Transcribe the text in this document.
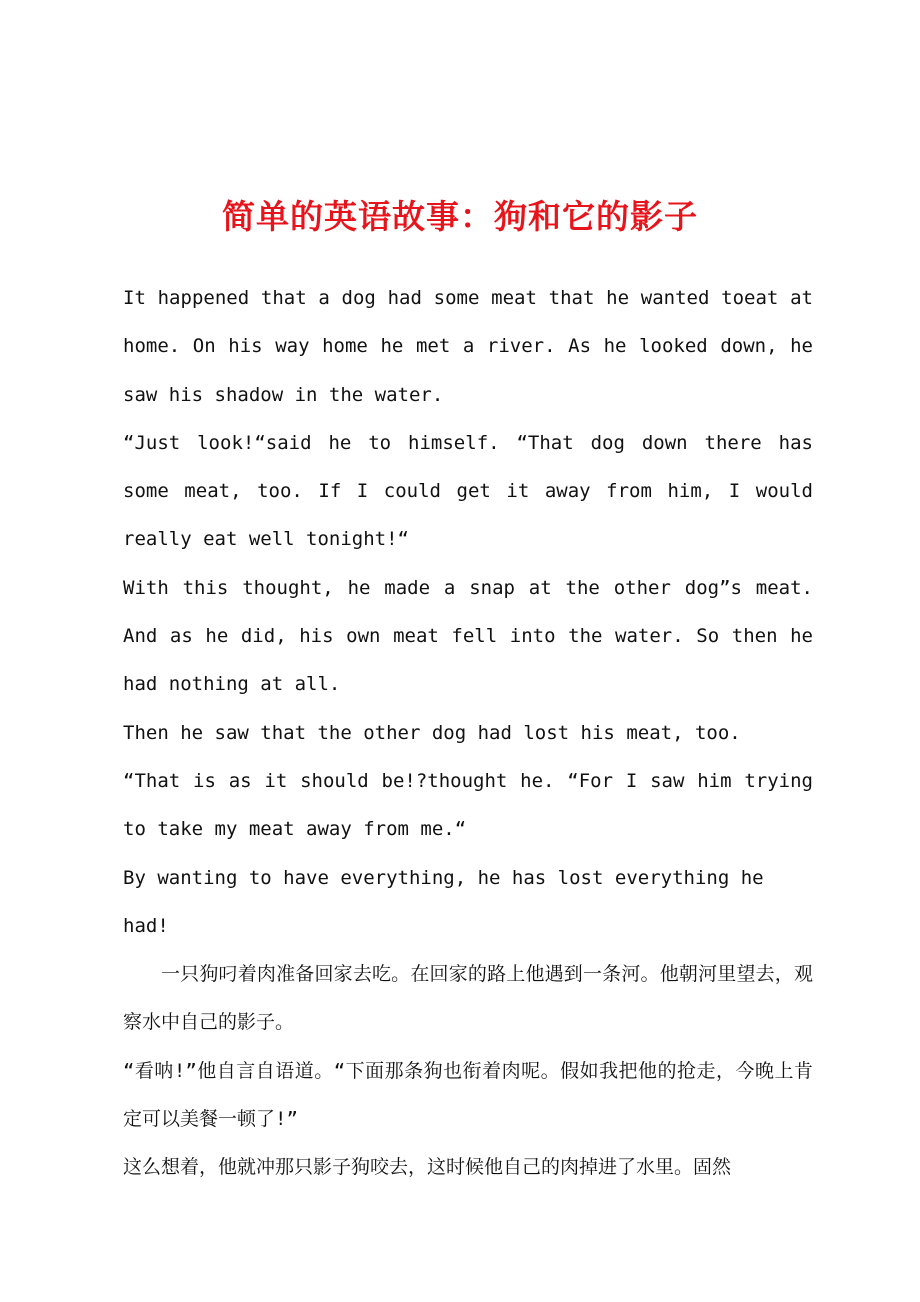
简单的英语故事：狗和它的影子

It happened that a dog had some meat that he wanted toeat at home. On his way home he met a river. As he looked down, he saw his shadow in the water.

“Just look!“said he to himself. “That dog down there has some meat, too. If I could get it away from him, I would really eat well tonight!“

With this thought, he made a snap at the other dog”s meat. And as he did, his own meat fell into the water. So then he had nothing at all.

Then he saw that the other dog had lost his meat, too.

“That is as it should be!?thought he. “For I saw him trying to take my meat away from me.“

By wanting to have everything, he has lost everything he had!

一只狗叼着肉准备回家去吃。在回家的路上他遇到一条河。他朝河里望去，观察水中自己的影子。

“看呐!”他自言自语道。“下面那条狗也衔着肉呢。假如我把他的抢走，今晚上肯定可以美餐一顿了!”

这么想着，他就冲那只影子狗咬去，这时候他自己的肉掉进了水里。固然
